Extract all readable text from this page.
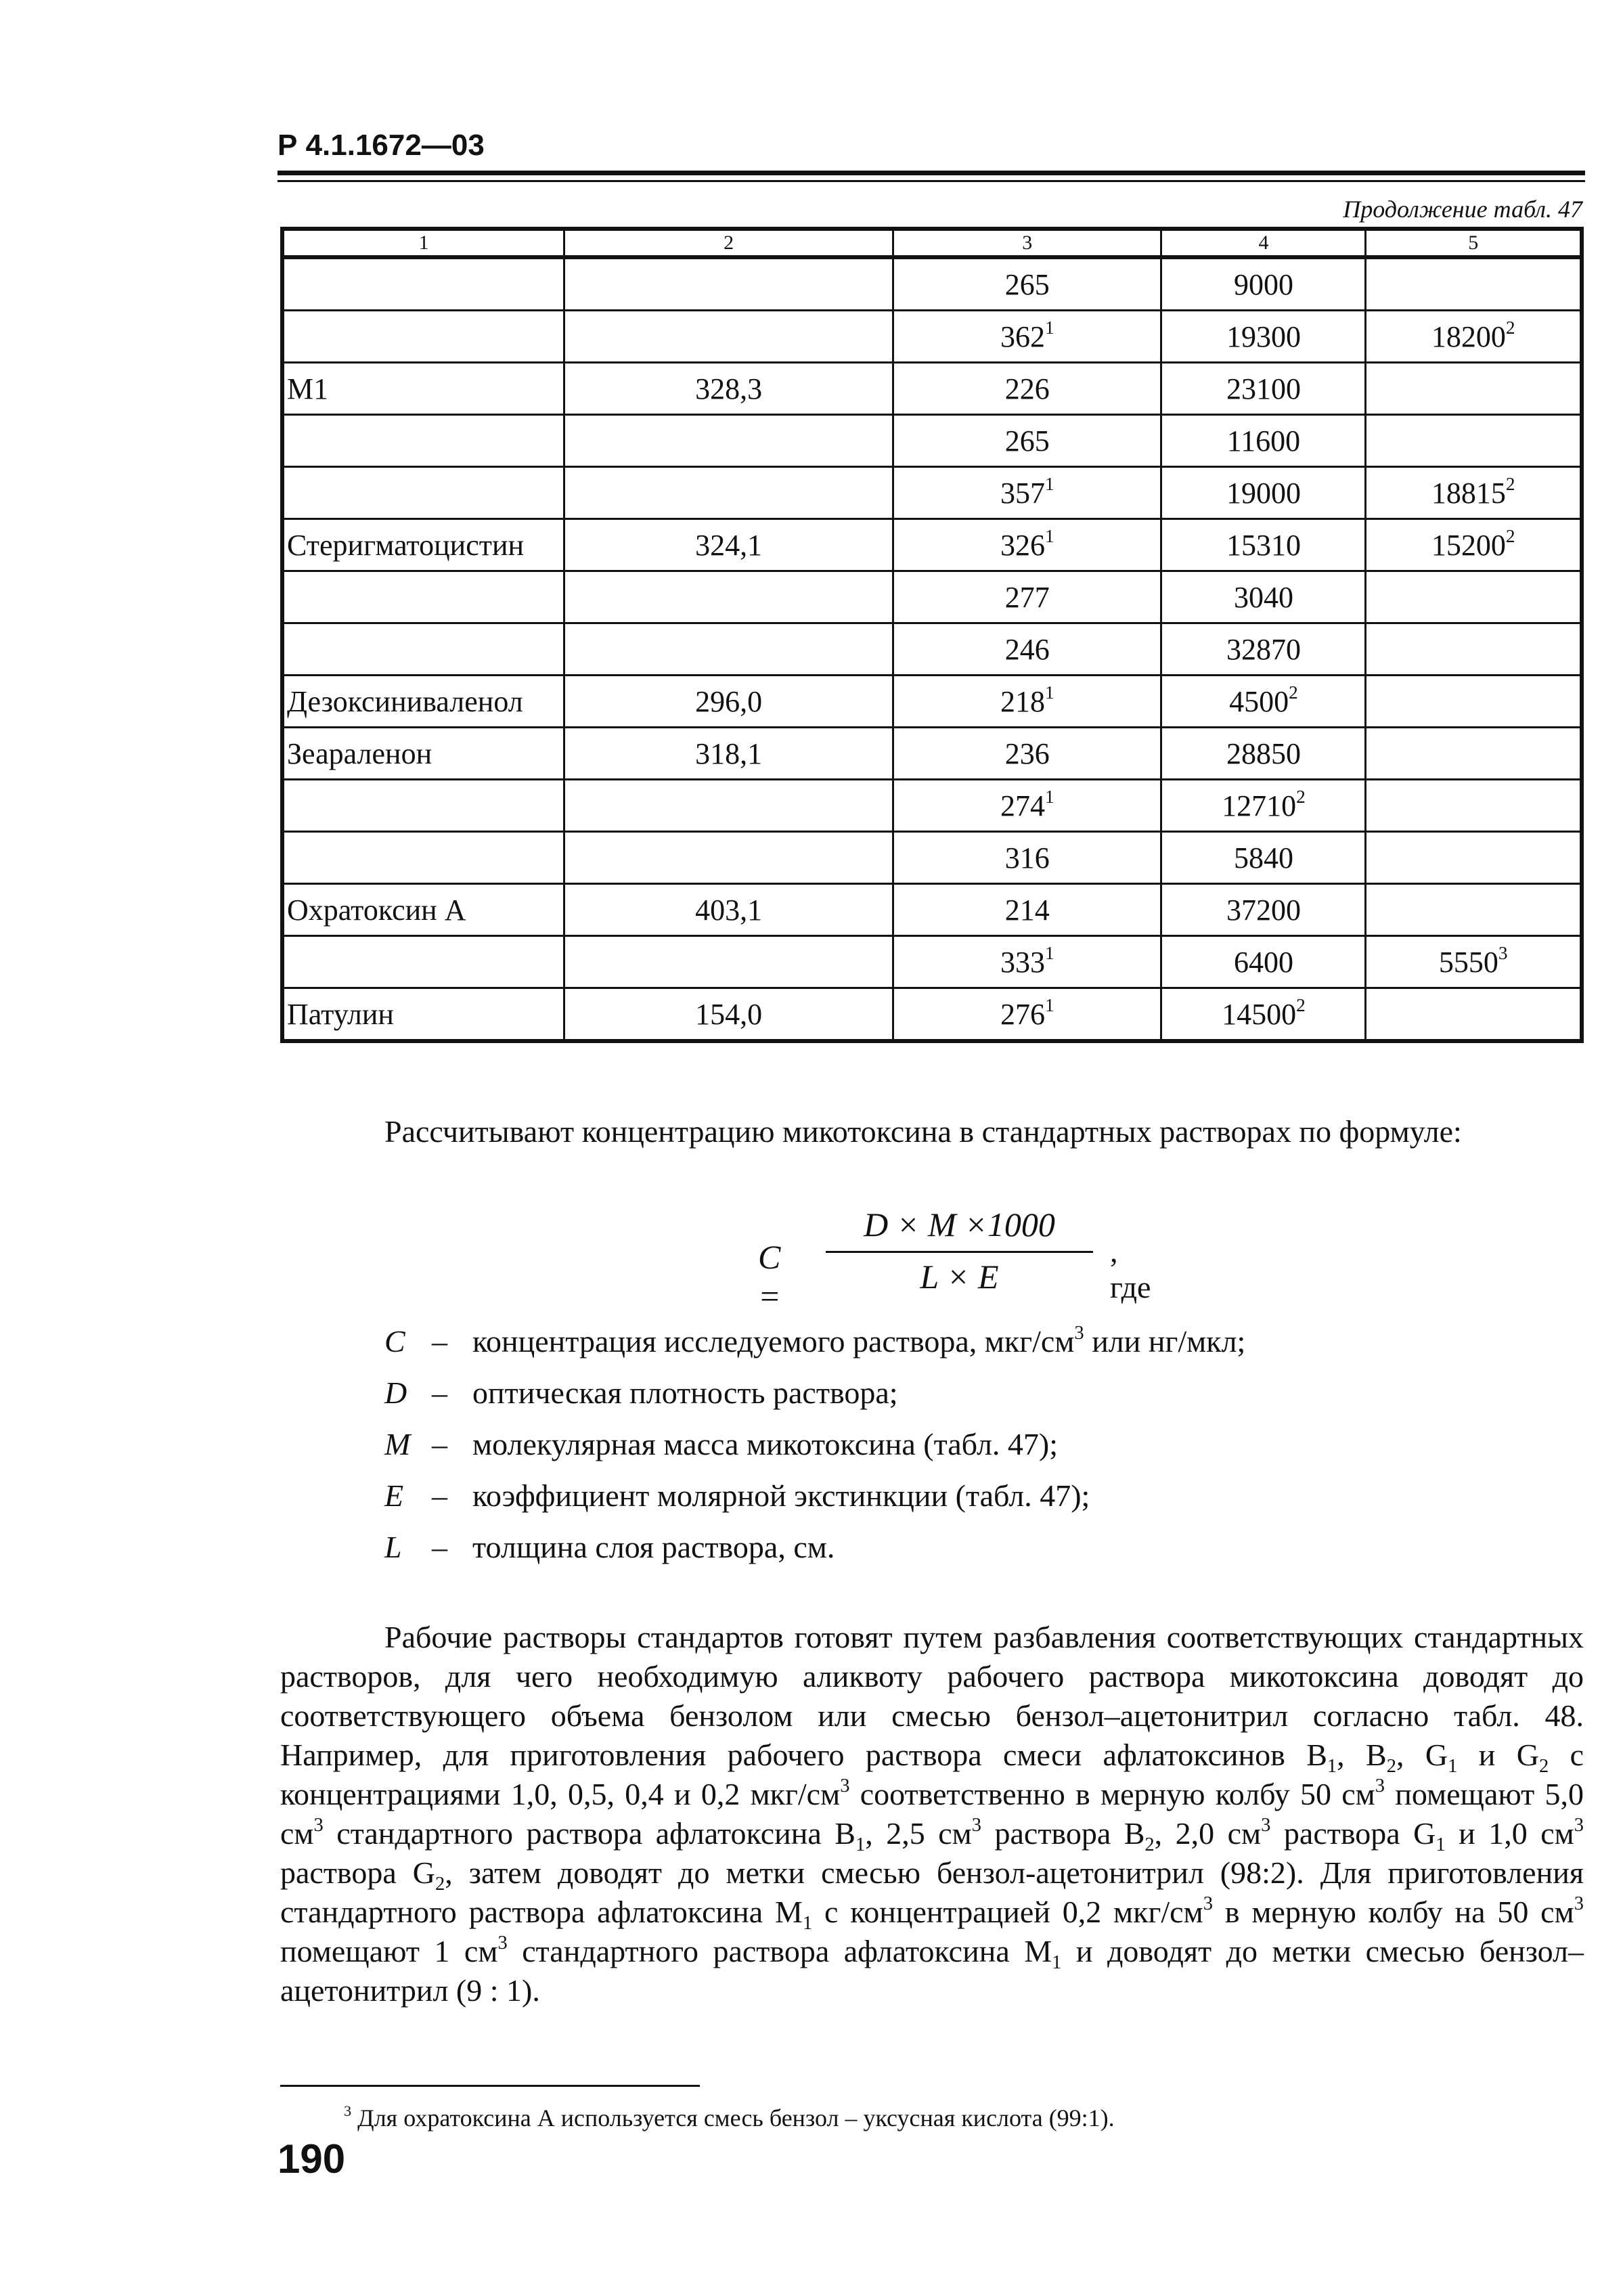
Р 4.1.1672—03
Продолжение табл. 47
1	2	3	4	5
		265	9000	
		$362^1$	19300	18200$^2$
M1	328,3	226	23100	
		265	11600	
		$357^1$	19000	18815$^2$
Стеригматоцистин	324,1	$326^1$	15310	15200$^2$
		277	3040	
		246	32870	
Дезоксиниваленол	296,0	$218^1$	4500$^2$	
Зеараленон	318,1	236	28850	
		$274^1$	12710$^2$	
		316	5840	
Охратоксин А	403,1	214	37200	
		$333^1$	6400	5550$^3$
Патулин	154,0	$276^1$	14500$^2$	
Рассчитывают концентрацию микотоксина в стандартных растворах по формуле:
C =
D × M ×1000
L × E
, где
C – концентрация исследуемого раствора, мкг/$см^3$ или нг/мкл;
D – оптическая плотность раствора;
M – молекулярная масса микотоксина (табл. 47);
E – коэффициент молярной экстинкции (табл. 47);
L – толщина слоя раствора, см.

Рабочие растворы стандартов готовят путем разбавления соответствующих стандартных растворов, для чего необходимую аликвоту рабочего раствора микотоксина доводят до соответствующего объема бензолом или смесью бензол–ацетонитрил согласно табл. 48. Например, для приготовления рабочего раствора смеси афлатоксинов $B_1$, $B_2$, $G_1$ и $G_2$ с концентрациями 1,0, 0,5, 0,4 и 0,2 мкг/$см^3$ соответственно в мерную колбу 50 $см^3$ помещают 5,0 $см^3$ стандартного раствора афлатоксина $B_1$, 2,5 $см^3$ раствора $B_2$, 2,0 $см^3$ раствора $G_1$ и 1,0 $см^3$ раствора $G_2$, затем доводят до метки смесью бензол-ацетонитрил (98:2). Для приготовления стандартного раствора афлатоксина $M_1$ с концентрацией 0,2 мкг/$см^3$ в мерную колбу на 50 $см^3$ помещают 1 $см^3$ стандартного раствора афлатоксина $M_1$ и доводят до метки смесью бензол–ацетонитрил (9 : 1).

$^3$ Для охратоксина А используется смесь бензол – уксусная кислота (99:1).
190
